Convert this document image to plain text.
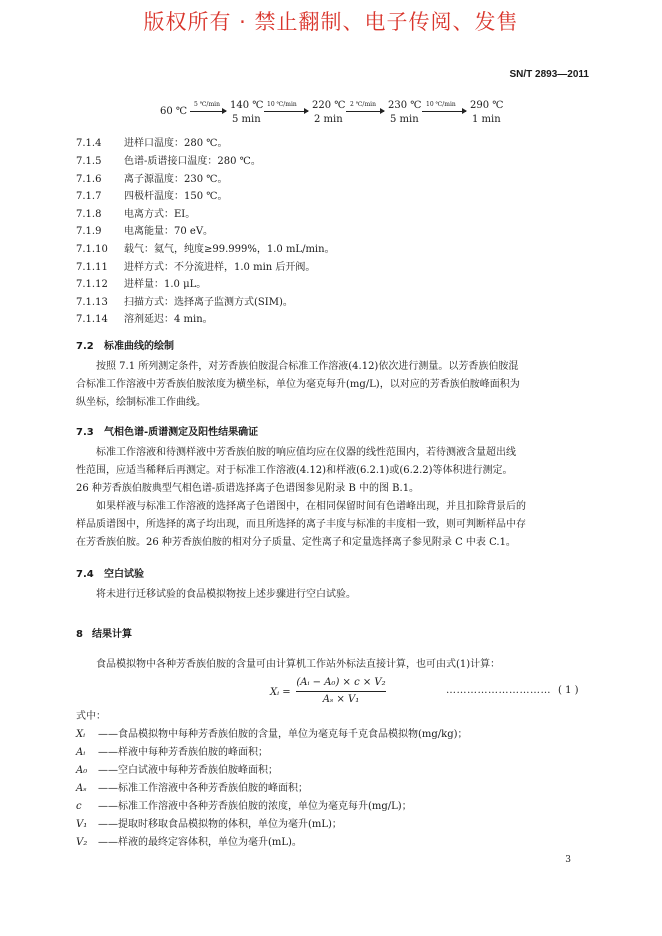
版权所有 · 禁止翻制、电子传阅、发售
SN/T 2893—2011
60 ℃
5 ℃/min 140 ℃
5 min
10 ℃/min 220 ℃
2 min
2 ℃/min 230 ℃
5 min
10 ℃/min 290 ℃
1 min
7.1.4 进样口温度：280 ℃。
7.1.5 色谱-质谱接口温度：280 ℃。
7.1.6 离子源温度：230 ℃。
7.1.7 四极杆温度：150 ℃。
7.1.8 电离方式：EI。
7.1.9 电离能量：70 eV。
7.1.10 载气：氦气，纯度≥99.999%，1.0 mL/min。
7.1.11 进样方式：不分流进样，1.0 min 后开阀。
7.1.12 进样量：1.0 μL。
7.1.13 扫描方式：选择离子监测方式(SIM)。
7.1.14 溶剂延迟：4 min。
7.2 标准曲线的绘制
按照 7.1 所列测定条件，对芳香族伯胺混合标准工作溶液(4.12)依次进行测量。以芳香族伯胺混
合标准工作溶液中芳香族伯胺浓度为横坐标，单位为毫克每升(mg/L)，以对应的芳香族伯胺峰面积为
纵坐标，绘制标准工作曲线。
7.3 气相色谱-质谱测定及阳性结果确证
标准工作溶液和待测样液中芳香族伯胺的响应值均应在仪器的线性范围内，若待测液含量超出线
性范围，应适当稀释后再测定。对于标准工作溶液(4.12)和样液(6.2.1)或(6.2.2)等体积进行测定。
26 种芳香族伯胺典型气相色谱-质谱选择离子色谱图参见附录 B 中的图 B.1。
如果样液与标准工作溶液的选择离子色谱图中，在相同保留时间有色谱峰出现，并且扣除背景后的
样品质谱图中，所选择的离子均出现，而且所选择的离子丰度与标准的丰度相一致，则可判断样品中存
在芳香族伯胺。26 种芳香族伯胺的相对分子质量、定性离子和定量选择离子参见附录 C 中表 C.1。
7.4 空白试验
将未进行迁移试验的食品模拟物按上述步骤进行空白试验。
8 结果计算
食品模拟物中各种芳香族伯胺的含量可由计算机工作站外标法直接计算，也可由式(1)计算：
Xᵢ =
(Aᵢ − A₀) × c × V₂
Aₛ × V₁
………………………… ( 1 )
式中：
Xᵢ ——食品模拟物中每种芳香族伯胺的含量，单位为毫克每千克食品模拟物(mg/kg)；
Aᵢ ——样液中每种芳香族伯胺的峰面积；
A₀ ——空白试液中每种芳香族伯胺峰面积；
Aₛ ——标准工作溶液中各种芳香族伯胺的峰面积；
c ——标准工作溶液中各种芳香族伯胺的浓度，单位为毫克每升(mg/L)；
V₁ ——提取时移取食品模拟物的体积，单位为毫升(mL)；
V₂ ——样液的最终定容体积，单位为毫升(mL)。
3
